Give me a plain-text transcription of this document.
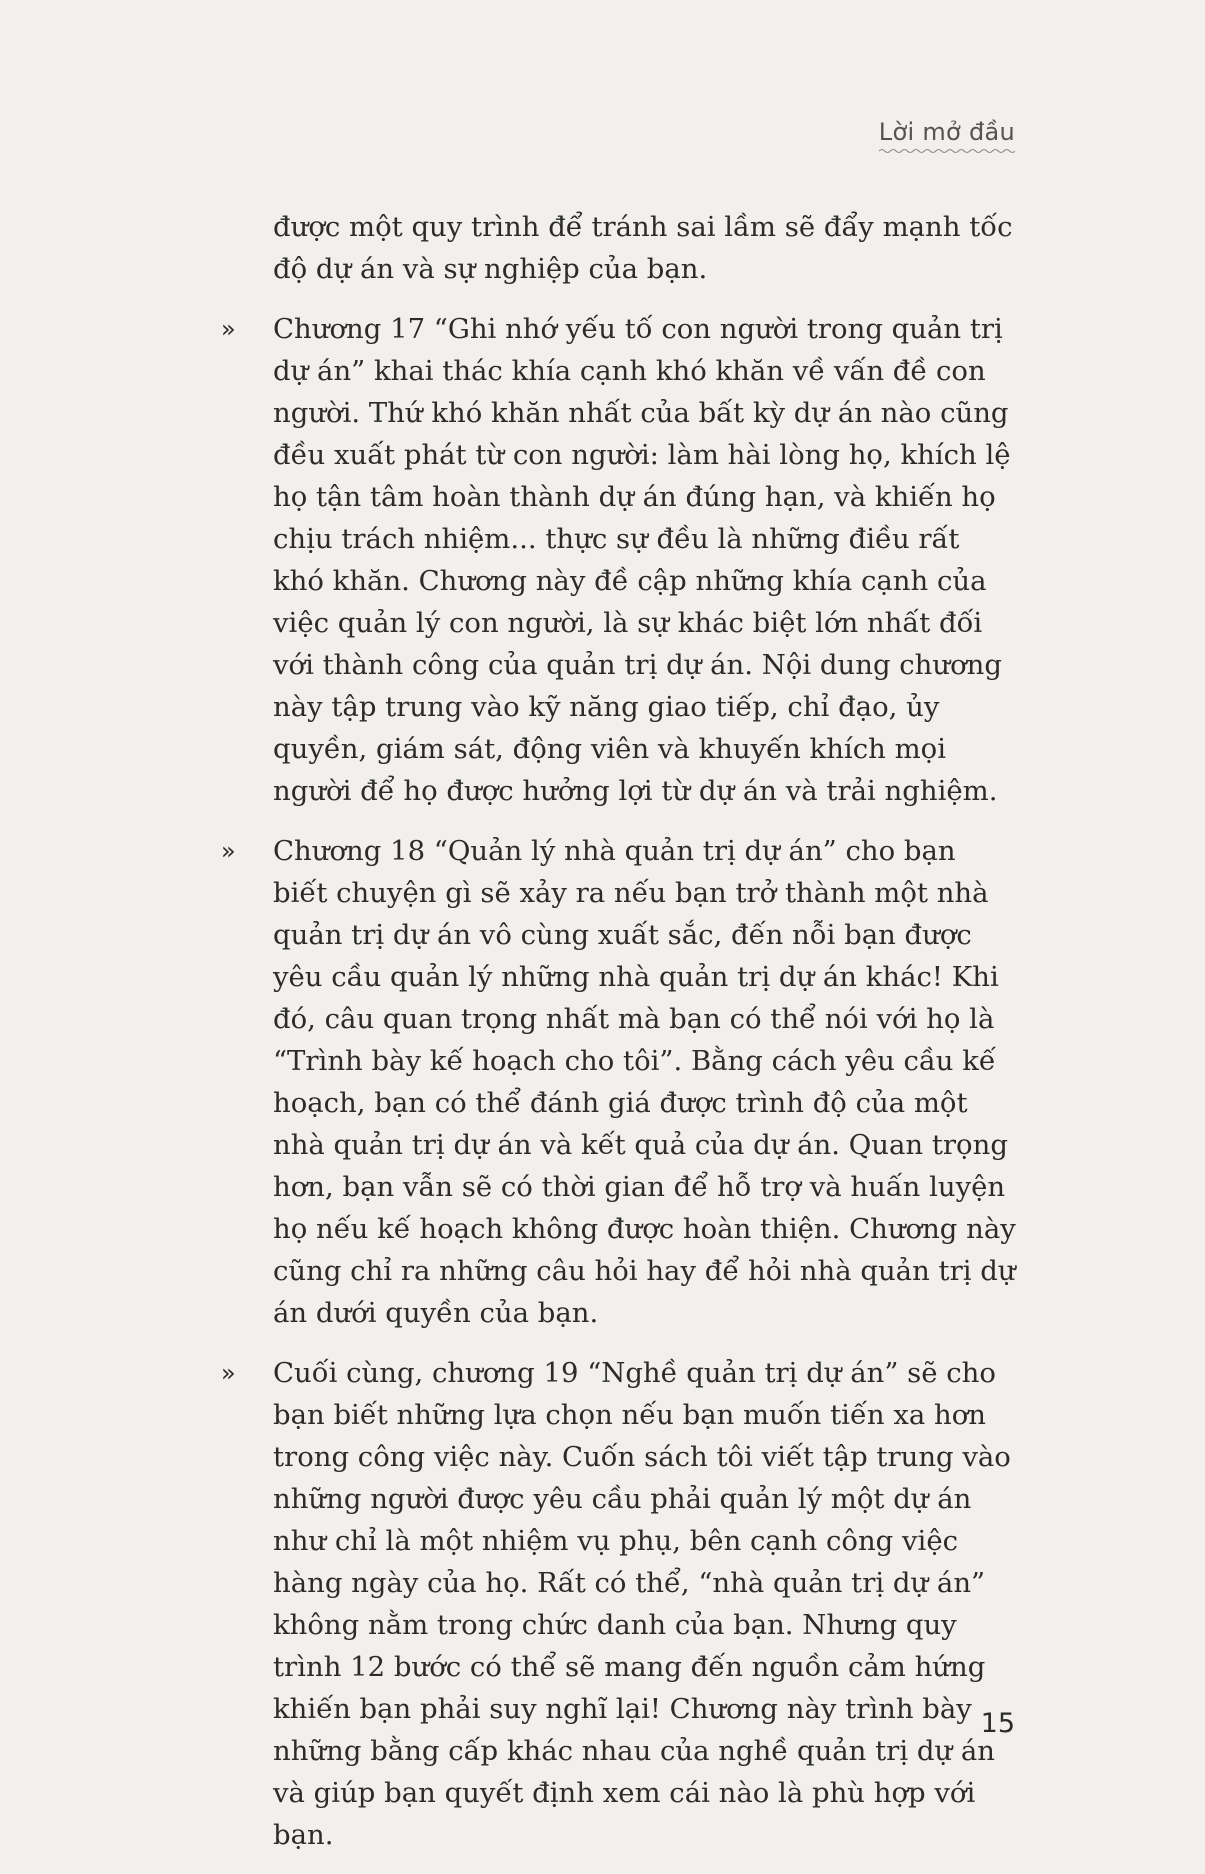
Lời mở đầu

được một quy trình để tránh sai lầm sẽ đẩy mạnh tốc độ dự án và sự nghiệp của bạn.

» Chương 17 “Ghi nhớ yếu tố con người trong quản trị dự án” khai thác khía cạnh khó khăn về vấn đề con người. Thứ khó khăn nhất của bất kỳ dự án nào cũng đều xuất phát từ con người: làm hài lòng họ, khích lệ họ tận tâm hoàn thành dự án đúng hạn, và khiến họ chịu trách nhiệm... thực sự đều là những điều rất khó khăn. Chương này đề cập những khía cạnh của việc quản lý con người, là sự khác biệt lớn nhất đối với thành công của quản trị dự án. Nội dung chương này tập trung vào kỹ năng giao tiếp, chỉ đạo, ủy quyền, giám sát, động viên và khuyến khích mọi người để họ được hưởng lợi từ dự án và trải nghiệm.
» Chương 18 “Quản lý nhà quản trị dự án” cho bạn biết chuyện gì sẽ xảy ra nếu bạn trở thành một nhà quản trị dự án vô cùng xuất sắc, đến nỗi bạn được yêu cầu quản lý những nhà quản trị dự án khác! Khi đó, câu quan trọng nhất mà bạn có thể nói với họ là “Trình bày kế hoạch cho tôi”. Bằng cách yêu cầu kế hoạch, bạn có thể đánh giá được trình độ của một nhà quản trị dự án và kết quả của dự án. Quan trọng hơn, bạn vẫn sẽ có thời gian để hỗ trợ và huấn luyện họ nếu kế hoạch không được hoàn thiện. Chương này cũng chỉ ra những câu hỏi hay để hỏi nhà quản trị dự án dưới quyền của bạn.
» Cuối cùng, chương 19 “Nghề quản trị dự án” sẽ cho bạn biết những lựa chọn nếu bạn muốn tiến xa hơn trong công việc này. Cuốn sách tôi viết tập trung vào những người được yêu cầu phải quản lý một dự án như chỉ là một nhiệm vụ phụ, bên cạnh công việc hàng ngày của họ. Rất có thể, “nhà quản trị dự án” không nằm trong chức danh của bạn. Nhưng quy trình 12 bước có thể sẽ mang đến nguồn cảm hứng khiến bạn phải suy nghĩ lại! Chương này trình bày những bằng cấp khác nhau của nghề quản trị dự án và giúp bạn quyết định xem cái nào là phù hợp với bạn.
15
